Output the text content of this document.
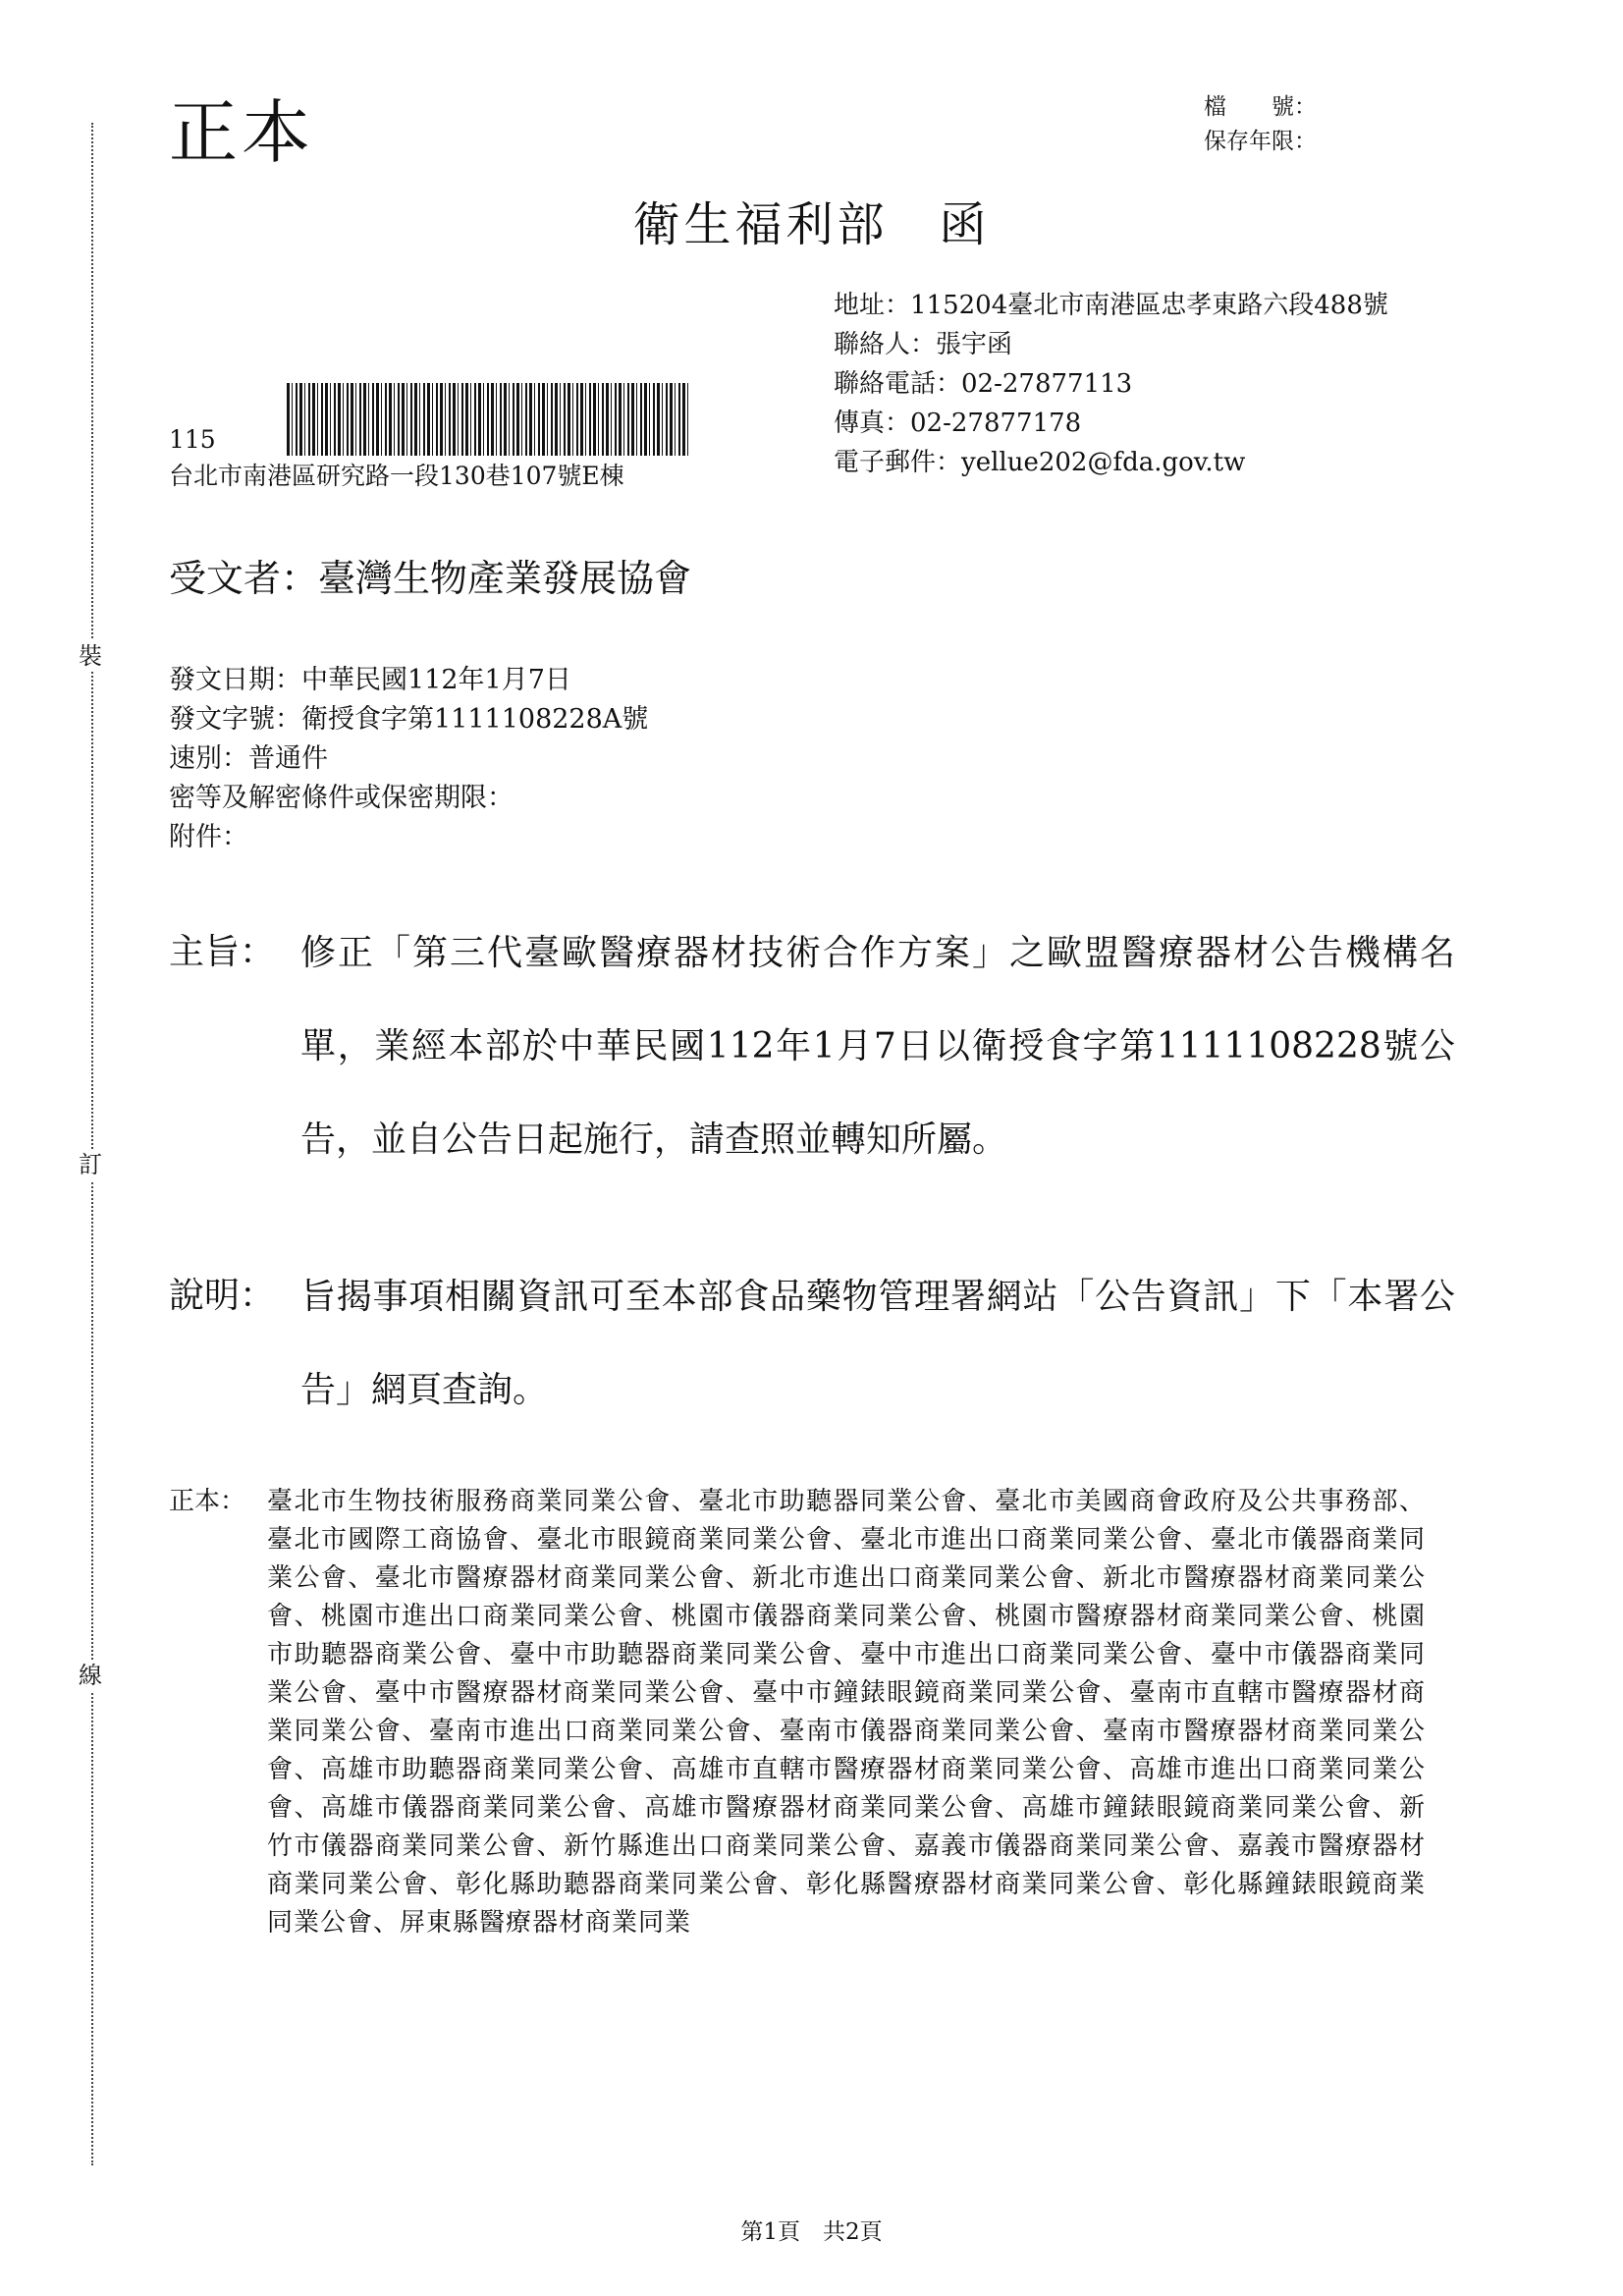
裝
訂
線
正本	檔　　號：
保存年限：
衛生福利部　函
地址：115204臺北市南港區忠孝東路六段488號
聯絡人：張宇函
聯絡電話：02-27877113
傳真：02-27877178
電子郵件：yellue202@fda.gov.tw
115
台北市南港區研究路一段130巷107號E棟
受文者：臺灣生物產業發展協會
發文日期：中華民國112年1月7日
發文字號：衛授食字第1111108228A號
速別：普通件
密等及解密條件或保密期限：
附件：
主旨： 修正「第三代臺歐醫療器材技術合作方案」之歐盟醫療器材公告機構名單，業經本部於中華民國112年1月7日以衛授食字第1111108228號公告，並自公告日起施行，請查照並轉知所屬。
說明： 旨揭事項相關資訊可至本部食品藥物管理署網站「公告資訊」下「本署公告」網頁查詢。
正本： 臺北市生物技術服務商業同業公會、臺北市助聽器同業公會、臺北市美國商會政府及公共事務部、臺北市國際工商協會、臺北市眼鏡商業同業公會、臺北市進出口商業同業公會、臺北市儀器商業同業公會、臺北市醫療器材商業同業公會、新北市進出口商業同業公會、新北市醫療器材商業同業公會、桃園市進出口商業同業公會、桃園市儀器商業同業公會、桃園市醫療器材商業同業公會、桃園市助聽器商業公會、臺中市助聽器商業同業公會、臺中市進出口商業同業公會、臺中市儀器商業同業公會、臺中市醫療器材商業同業公會、臺中市鐘錶眼鏡商業同業公會、臺南市直轄市醫療器材商業同業公會、臺南市進出口商業同業公會、臺南市儀器商業同業公會、臺南市醫療器材商業同業公會、高雄市助聽器商業同業公會、高雄市直轄市醫療器材商業同業公會、高雄市進出口商業同業公會、高雄市儀器商業同業公會、高雄市醫療器材商業同業公會、高雄市鐘錶眼鏡商業同業公會、新竹市儀器商業同業公會、新竹縣進出口商業同業公會、嘉義市儀器商業同業公會、嘉義市醫療器材商業同業公會、彰化縣助聽器商業同業公會、彰化縣醫療器材商業同業公會、彰化縣鐘錶眼鏡商業同業公會、屏東縣醫療器材商業同業
第1頁　共2頁
